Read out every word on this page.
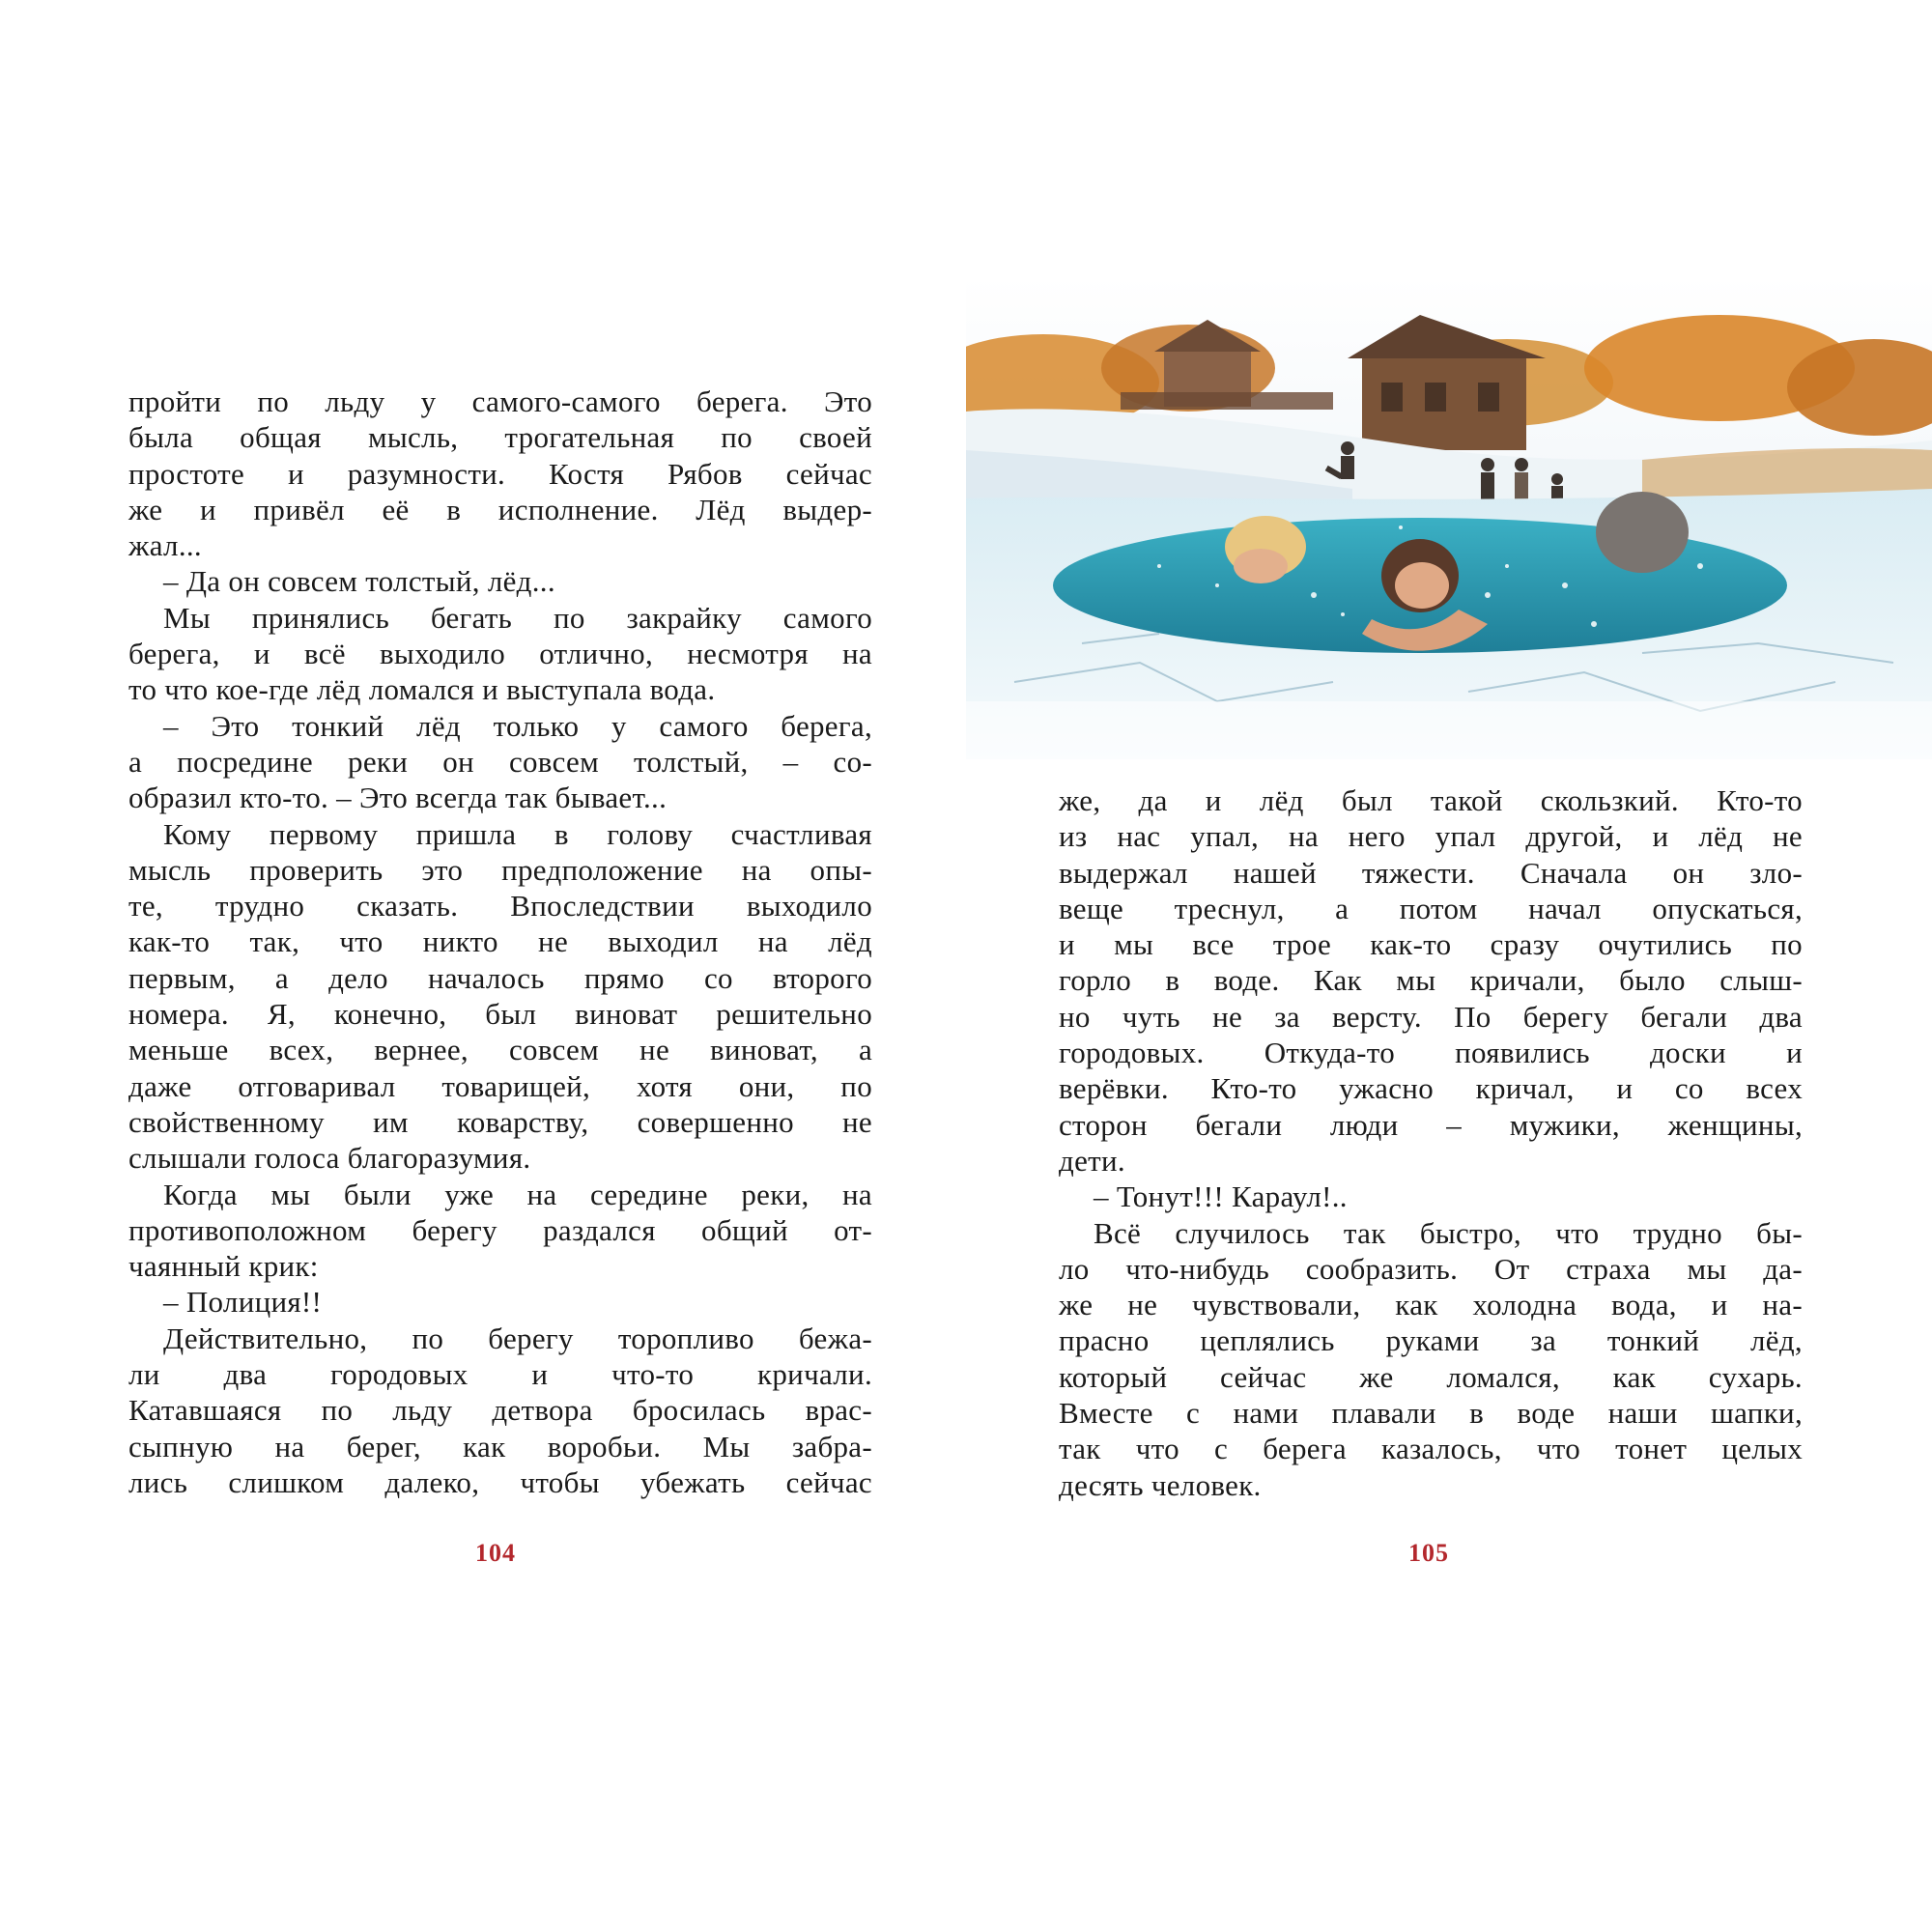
пройти по льду у самого-самого берега. Это
была общая мысль, трогательная по своей
простоте и разумности. Костя Рябов сейчас
же и привёл её в исполнение. Лёд выдер-
жал...
– Да он совсем толстый, лёд...
Мы принялись бегать по закрайку самого
берега, и всё выходило отлично, несмотря на
то что кое-где лёд ломался и выступала вода.
– Это тонкий лёд только у самого берега,
а посредине реки он совсем толстый, – со-
образил кто-то. – Это всегда так бывает...
Кому первому пришла в голову счастливая
мысль проверить это предположение на опы-
те, трудно сказать. Впоследствии выходило
как-то так, что никто не выходил на лёд
первым, а дело началось прямо со второго
номера. Я, конечно, был виноват решительно
меньше всех, вернее, совсем не виноват, а
даже отговаривал товарищей, хотя они, по
свойственному им коварству, совершенно не
слышали голоса благоразумия.
Когда мы были уже на середине реки, на
противоположном берегу раздался общий от-
чаянный крик:
– Полиция!!
Действительно, по берегу торопливо бежа-
ли два городовых и что-то кричали.
Катавшаяся по льду детвора бросилась врас-
сыпную на берег, как воробьи. Мы забра-
лись слишком далеко, чтобы убежать сейчас
104
же, да и лёд был такой скользкий. Кто-то
из нас упал, на него упал другой, и лёд не
выдержал нашей тяжести. Сначала он зло-
веще треснул, а потом начал опускаться,
и мы все трое как-то сразу очутились по
горло в воде. Как мы кричали, было слыш-
но чуть не за версту. По берегу бегали два
городовых. Откуда-то появились доски и
верёвки. Кто-то ужасно кричал, и со всех
сторон бегали люди – мужики, женщины,
дети.
– Тонут!!! Караул!..
Всё случилось так быстро, что трудно бы-
ло что-нибудь сообразить. От страха мы да-
же не чувствовали, как холодна вода, и на-
прасно цеплялись руками за тонкий лёд,
который сейчас же ломался, как сухарь.
Вместе с нами плавали в воде наши шапки,
так что с берега казалось, что тонет целых
десять человек.
105
